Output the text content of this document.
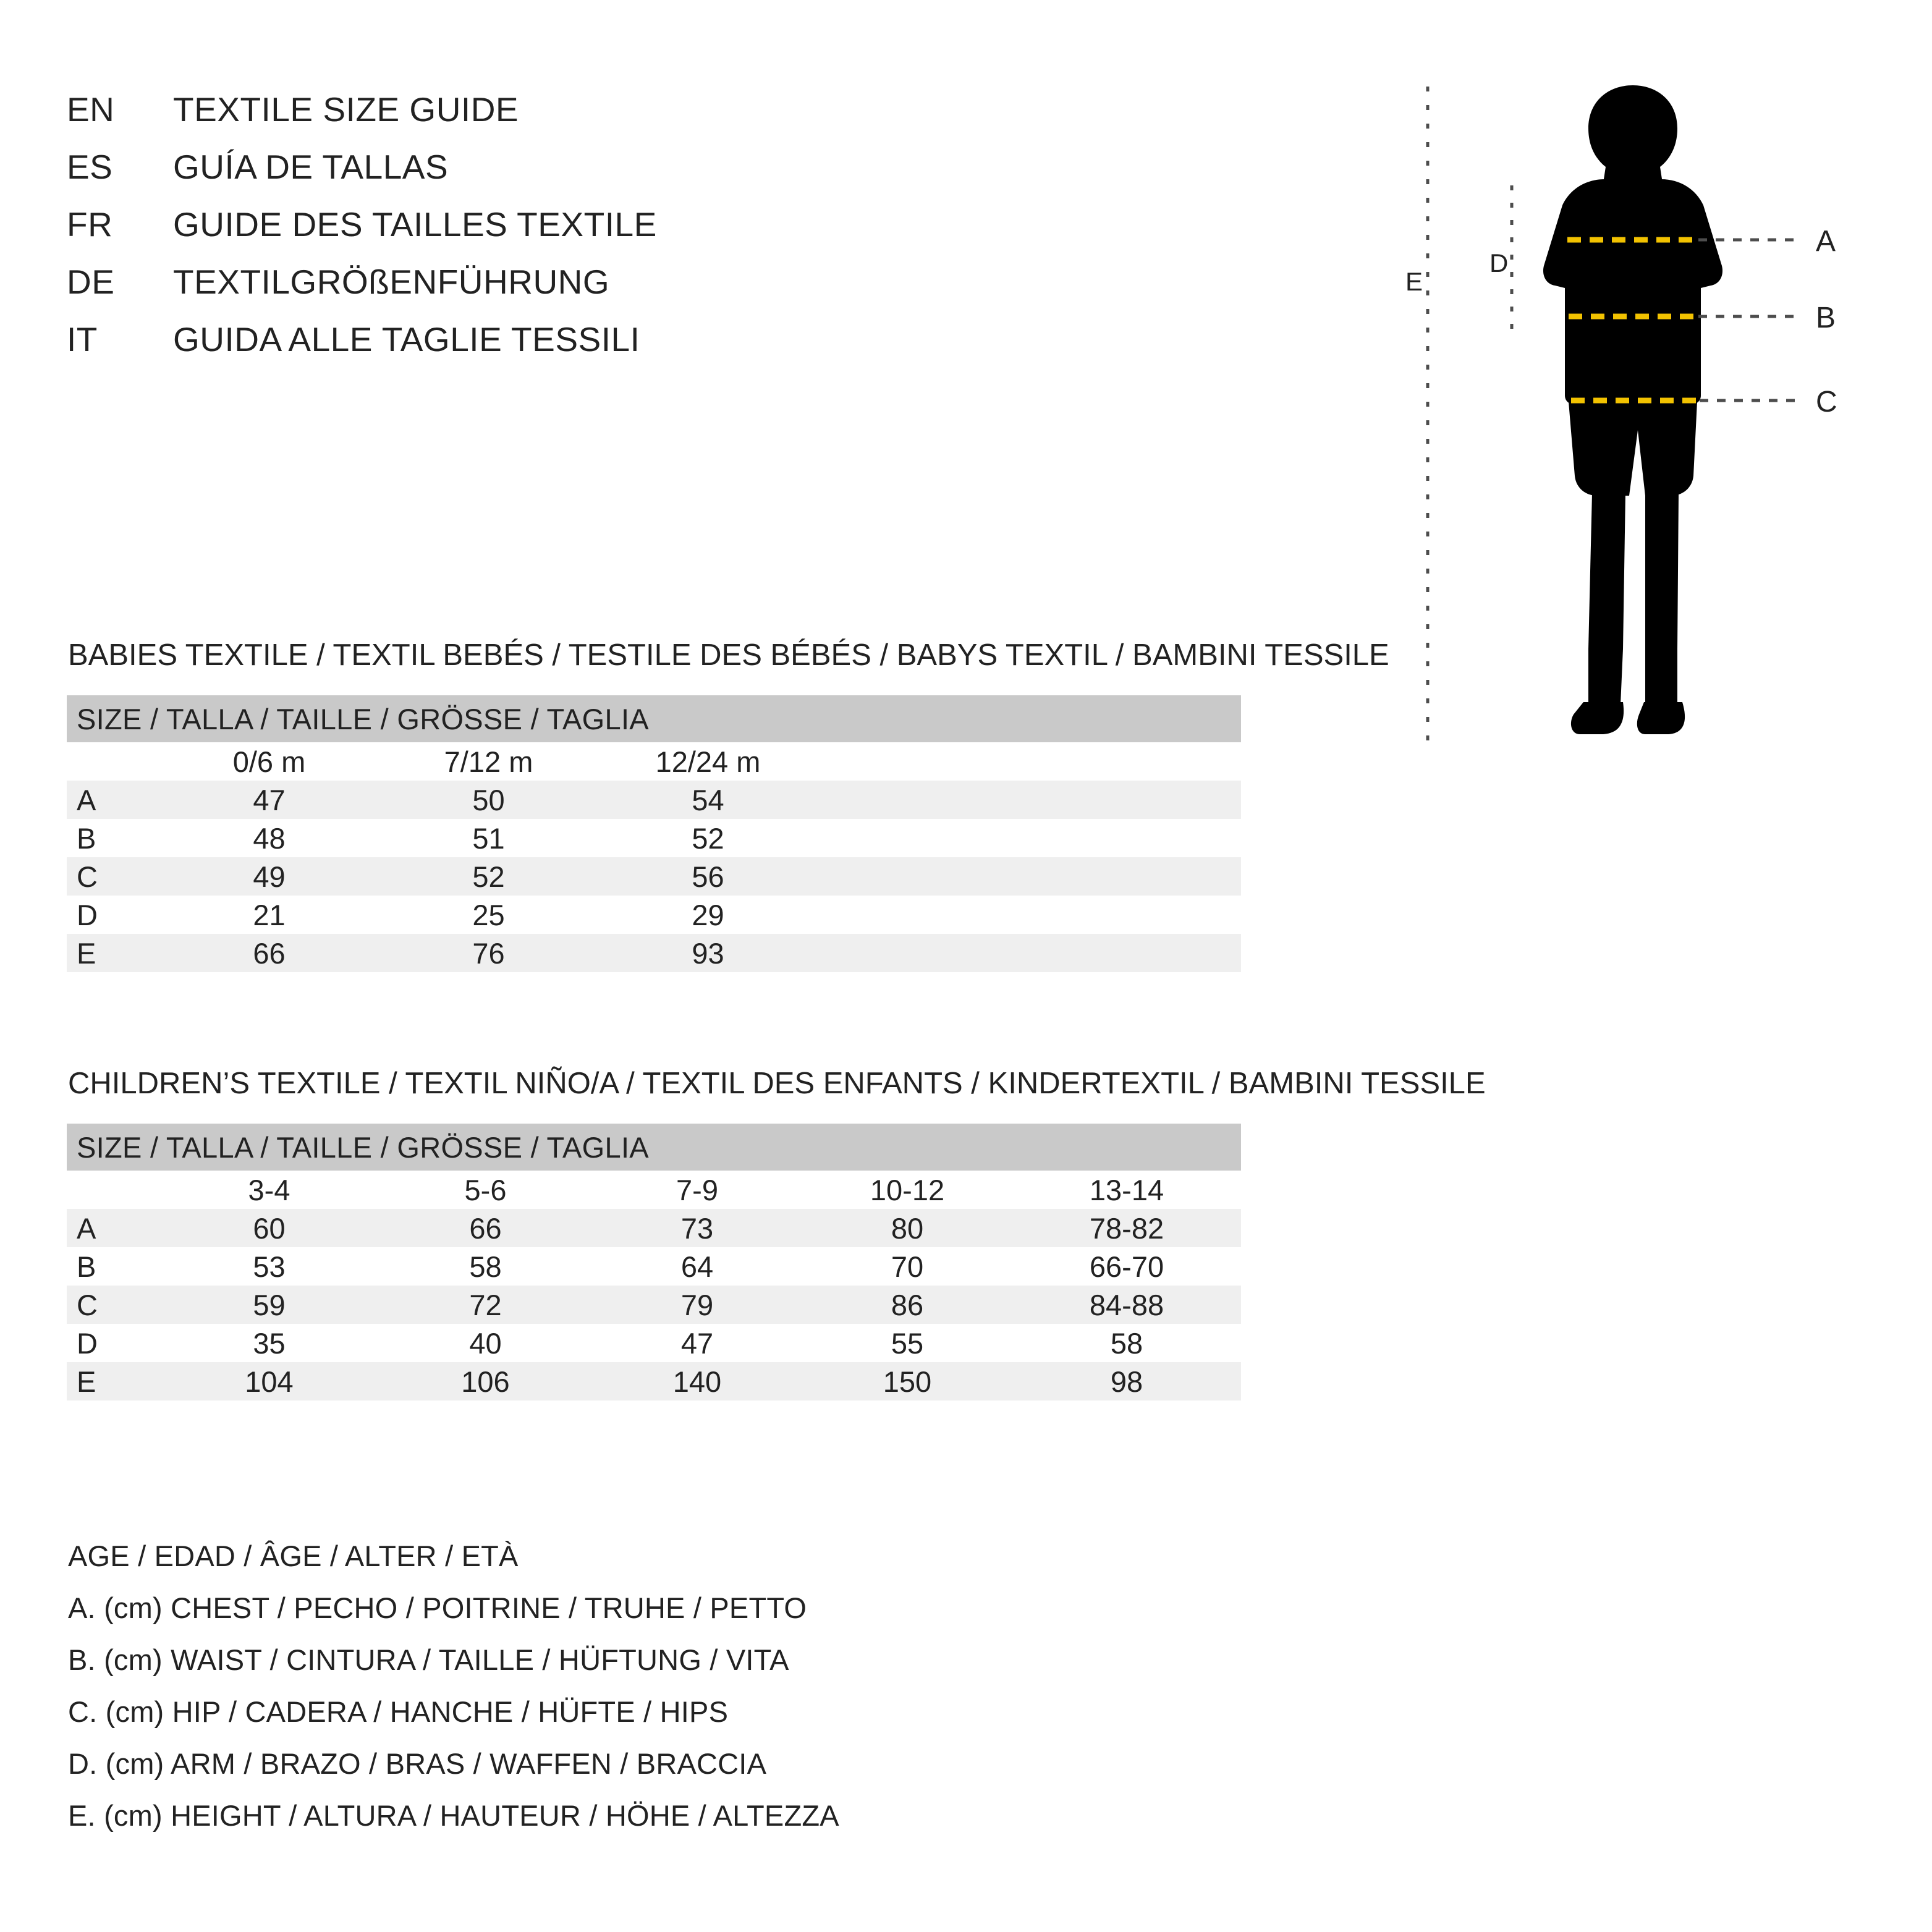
EN	TEXTILE SIZE GUIDE
ES	GUÍA DE TALLAS
FR	GUIDE DES TAILLES TEXTILE
DE	TEXTILGRÖßENFÜHRUNG
IT	GUIDA ALLE TAGLIE TESSILI
A
B
C
D
E
BABIES TEXTILE / TEXTIL BEBÉS / TESTILE DES BÉBÉS / BABYS TEXTIL / BAMBINI TESSILE
SIZE / TALLA / TAILLE / GRÖSSE / TAGLIA				
	0/6 m	7/12 m	12/24 m	
A	47	50	54	
B	48	51	52	
C	49	52	56	
D	21	25	29	
E	66	76	93	
CHILDREN’S TEXTILE / TEXTIL NIÑO/A / TEXTIL DES ENFANTS / KINDERTEXTIL / BAMBINI TESSILE
SIZE / TALLA / TAILLE / GRÖSSE / TAGLIA					
	3-4	5-6	7-9	10-12	13-14
A	60	66	73	80	78-82
B	53	58	64	70	66-70
C	59	72	79	86	84-88
D	35	40	47	55	58
E	104	106	140	150	98
AGE / EDAD / ÂGE / ALTER / ETÀ
A. (cm) CHEST / PECHO / POITRINE / TRUHE / PETTO
B. (cm) WAIST / CINTURA / TAILLE / HÜFTUNG / VITA
C. (cm) HIP / CADERA / HANCHE / HÜFTE / HIPS
D. (cm) ARM / BRAZO / BRAS / WAFFEN / BRACCIA
E. (cm) HEIGHT / ALTURA / HAUTEUR / HÖHE / ALTEZZA
